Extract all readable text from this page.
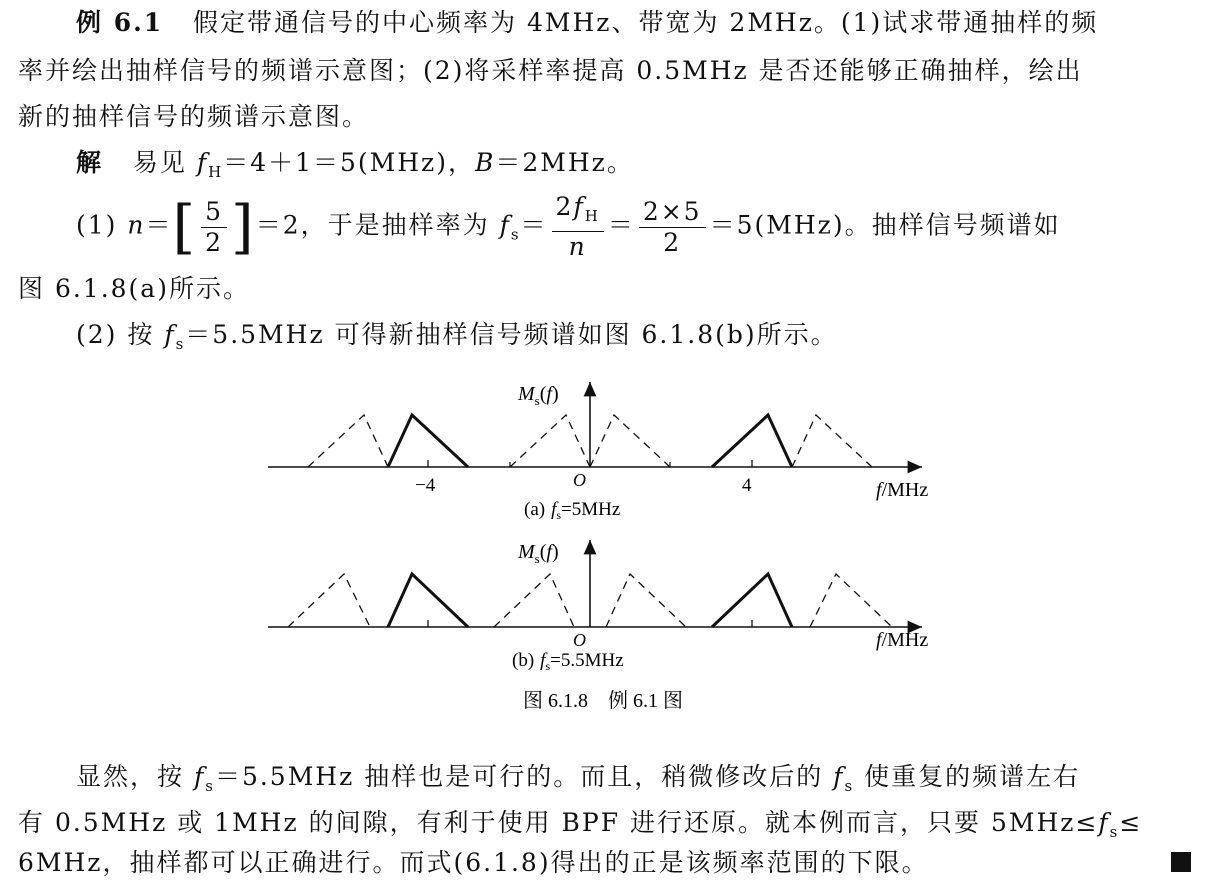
例 6.1 假定带通信号的中心频率为 4MHz、带宽为 2MHz。(1)试求带通抽样的频
率并绘出抽样信号的频谱示意图；(2)将采样率提高 0.5MHz 是否还能够正确抽样，绘出
新的抽样信号的频谱示意图。
解 易见 $f_H=4+1=5(MHz)$，B＝2MHz。
(1) $n=[ \frac{5}{2} ]=2$，于是抽样率为 $f_s= \frac{2f_H}{n} = \frac{2\times 5}{2} =5(MHz)$。抽样信号频谱如
图 6.1.8(a)所示。
(2) 按 $f_s=5.5MHz$ 可得新抽样信号频谱如图 6.1.8(b)所示。
$M_s(f)$
O
−4	4	f/MHz
(a) $f_s=5MHz$
$M_s(f)$
O	f/MHz
(b) $f_s=5.5MHz$
图 6.1.8　例 6.1 图
显然，按 $f_s=5.5MHz$ 抽样也是可行的。而且，稍微修改后的 $f_s$ 使重复的频谱左右
有 0.5MHz 或 1MHz 的间隙，有利于使用 BPF 进行还原。就本例而言，只要 $5MHz\le f_s\le$
6MHz，抽样都可以正确进行。而式(6.1.8)得出的正是该频率范围的下限。
